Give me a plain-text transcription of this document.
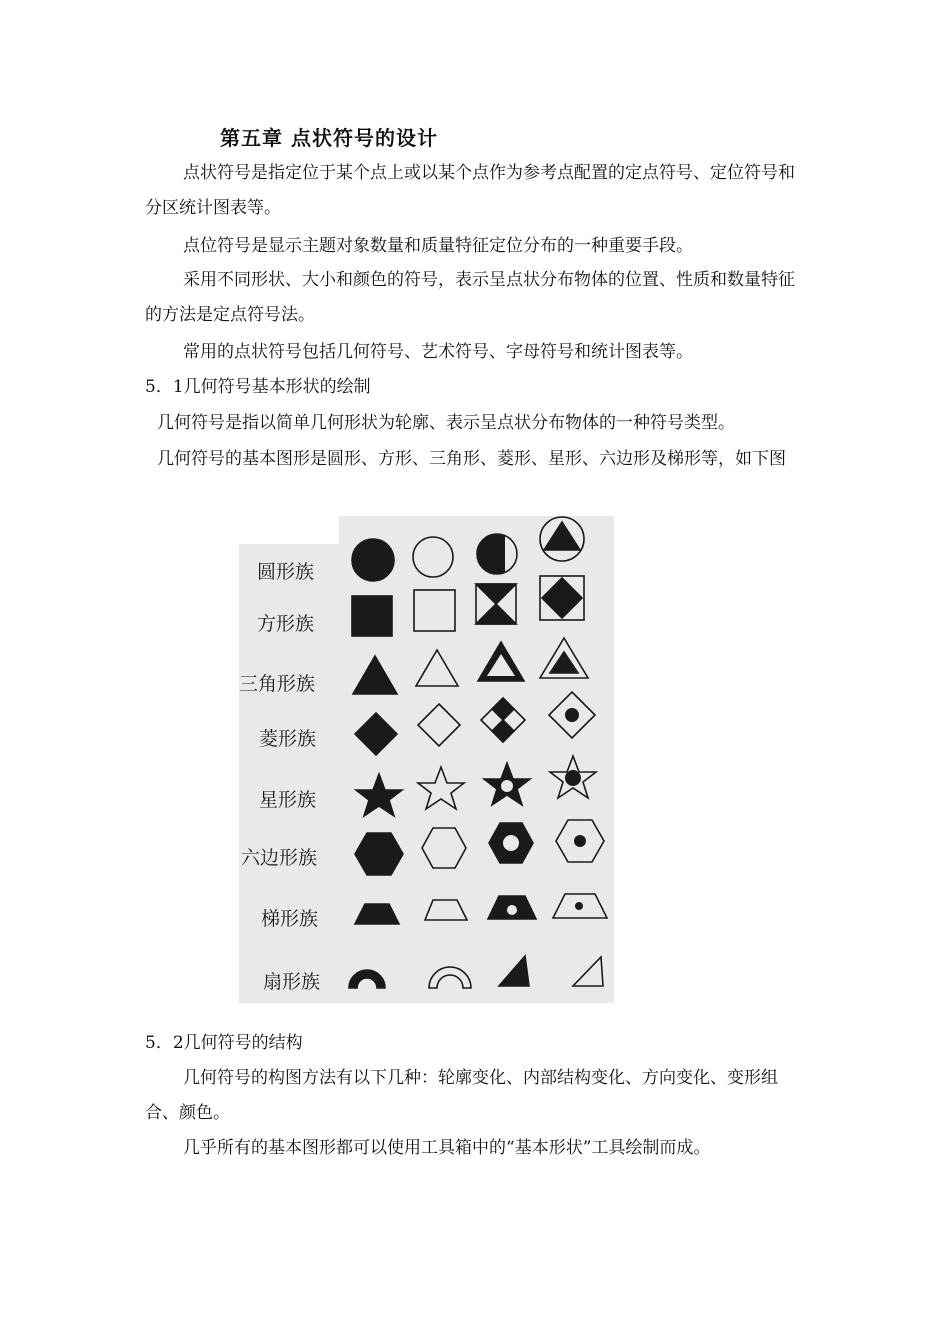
第五章 点状符号的设计
点状符号是指定位于某个点上或以某个点作为参考点配置的定点符号、定位符号和分区统计图表等。
点位符号是显示主题对象数量和质量特征定位分布的一种重要手段。
采用不同形状、大小和颜色的符号，表示呈点状分布物体的位置、性质和数量特征的方法是定点符号法。
常用的点状符号包括几何符号、艺术符号、字母符号和统计图表等。
5．1几何符号基本形状的绘制
几何符号是指以简单几何形状为轮廓、表示呈点状分布物体的一种符号类型。
几何符号的基本图形是圆形、方形、三角形、菱形、星形、六边形及梯形等，如下图
圆形族
方形族
三角形族
菱形族
星形族
六边形族
梯形族
扇形族
5．2几何符号的结构
几何符号的构图方法有以下几种：轮廓变化、内部结构变化、方向变化、变形组合、颜色。
几乎所有的基本图形都可以使用工具箱中的“基本形状”工具绘制而成。
